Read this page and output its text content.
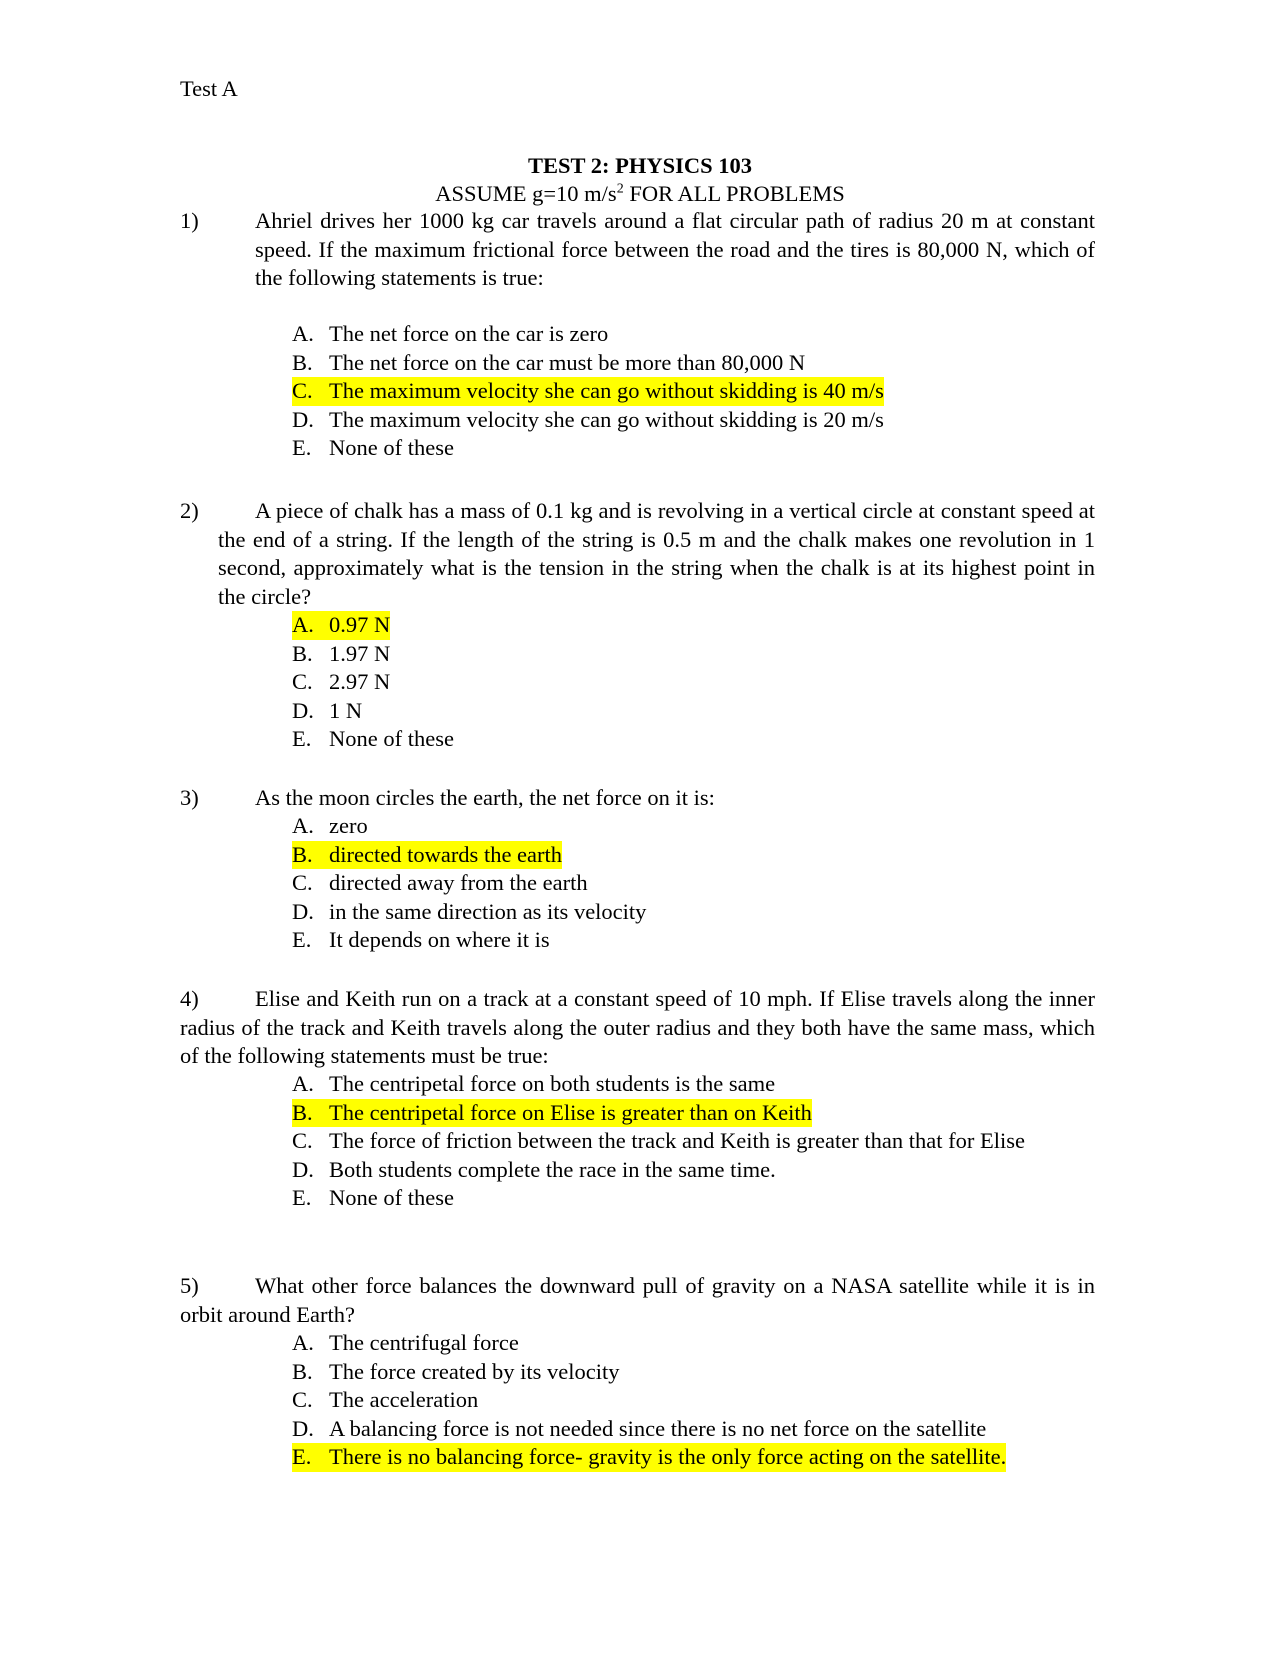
Test A
TEST 2: PHYSICS 103
ASSUME g=10 $m/s^2$ FOR ALL PROBLEMS
1)	Ahriel drives her 1000 kg car travels around a flat circular path of radius 20 m at constant speed. If the maximum frictional force between the road and the tires is 80,000 N, which of the following statements is true:
A. The net force on the car is zero
B. The net force on the car must be more than 80,000 N
C. The maximum velocity she can go without skidding is 40 m/s
D. The maximum velocity she can go without skidding is 20 m/s
E. None of these
2)	A piece of chalk has a mass of 0.1 kg and is revolving in a vertical circle at constant speed at the end of a string. If the length of the string is 0.5 m and the chalk makes one revolution in 1 second, approximately what is the tension in the string when the chalk is at its highest point in the circle?
A. 0.97 N
B. 1.97 N
C. 2.97 N
D. 1 N
E. None of these
3)	As the moon circles the earth, the net force on it is:
A. zero
B. directed towards the earth
C. directed away from the earth
D. in the same direction as its velocity
E. It depends on where it is
4)	Elise and Keith run on a track at a constant speed of 10 mph. If Elise travels along the inner radius of the track and Keith travels along the outer radius and they both have the same mass, which of the following statements must be true:
A. The centripetal force on both students is the same
B. The centripetal force on Elise is greater than on Keith
C. The force of friction between the track and Keith is greater than that for Elise
D. Both students complete the race in the same time.
E. None of these
5)	What other force balances the downward pull of gravity on a NASA satellite while it is in orbit around Earth?
A. The centrifugal force
B. The force created by its velocity
C. The acceleration
D. A balancing force is not needed since there is no net force on the satellite
E. There is no balancing force- gravity is the only force acting on the satellite.
